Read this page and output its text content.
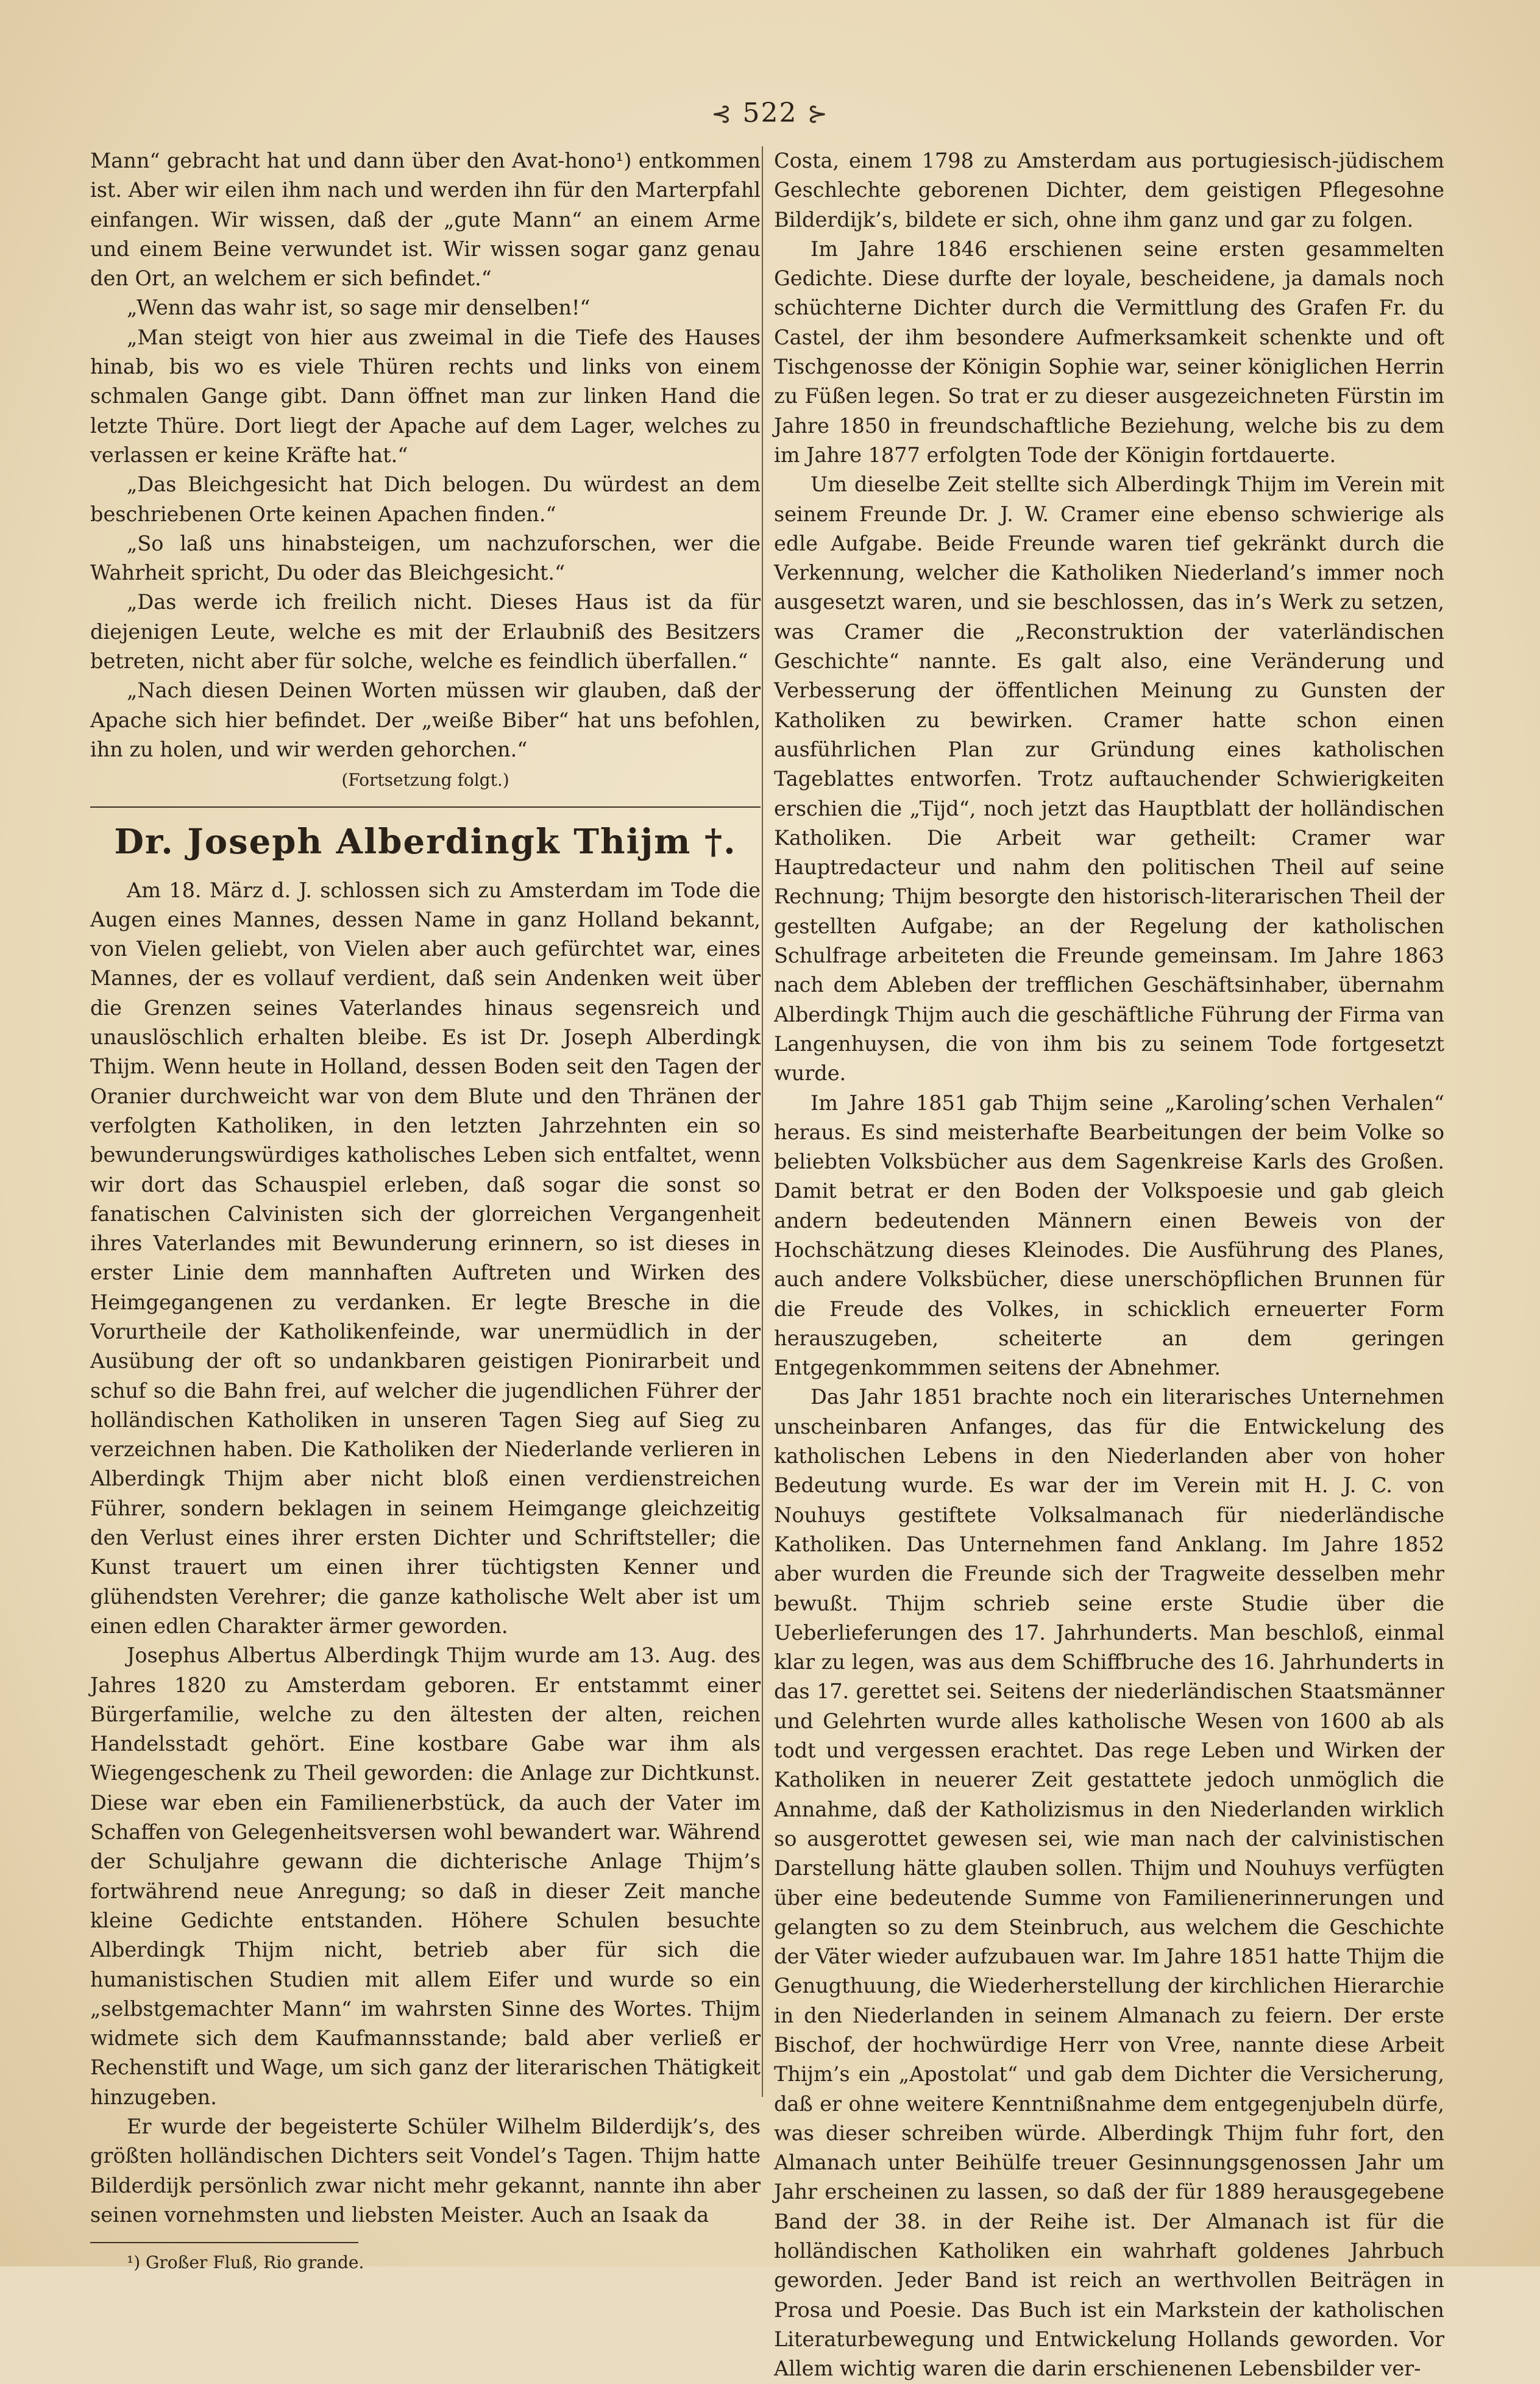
⊰ 522 ⊱

Mann“ gebracht hat und dann über den Avat-hono¹) entkommen ist. Aber wir eilen ihm nach und werden ihn für den Marterpfahl einfangen. Wir wissen, daß der „gute Mann“ an einem Arme und einem Beine verwundet ist. Wir wissen sogar ganz genau den Ort, an welchem er sich befindet.“

„Wenn das wahr ist, so sage mir denselben!“

„Man steigt von hier aus zweimal in die Tiefe des Hauses hinab, bis wo es viele Thüren rechts und links von einem schmalen Gange gibt. Dann öffnet man zur linken Hand die letzte Thüre. Dort liegt der Apache auf dem Lager, welches zu verlassen er keine Kräfte hat.“

„Das Bleichgesicht hat Dich belogen. Du würdest an dem beschriebenen Orte keinen Apachen finden.“

„So laß uns hinabsteigen, um nachzuforschen, wer die Wahrheit spricht, Du oder das Bleichgesicht.“

„Das werde ich freilich nicht. Dieses Haus ist da für diejenigen Leute, welche es mit der Erlaubniß des Besitzers betreten, nicht aber für solche, welche es feindlich überfallen.“

„Nach diesen Deinen Worten müssen wir glauben, daß der Apache sich hier befindet. Der „weiße Biber“ hat uns befohlen, ihn zu holen, und wir werden gehorchen.“

(Fortsetzung folgt.)
Dr. Joseph Alberdingk Thijm †.

Am 18. März d. J. schlossen sich zu Amsterdam im Tode die Augen eines Mannes, dessen Name in ganz Holland bekannt, von Vielen geliebt, von Vielen aber auch gefürchtet war, eines Mannes, der es vollauf verdient, daß sein Andenken weit über die Grenzen seines Vaterlandes hinaus segensreich und unauslöschlich erhalten bleibe. Es ist Dr. Joseph Alberdingk Thijm. Wenn heute in Holland, dessen Boden seit den Tagen der Oranier durchweicht war von dem Blute und den Thränen der verfolgten Katholiken, in den letzten Jahrzehnten ein so bewunderungswürdiges katholisches Leben sich entfaltet, wenn wir dort das Schauspiel erleben, daß sogar die sonst so fanatischen Calvinisten sich der glorreichen Vergangenheit ihres Vaterlandes mit Bewunderung erinnern, so ist dieses in erster Linie dem mannhaften Auftreten und Wirken des Heimgegangenen zu verdanken. Er legte Bresche in die Vorurtheile der Katholikenfeinde, war unermüdlich in der Ausübung der oft so undankbaren geistigen Pionirarbeit und schuf so die Bahn frei, auf welcher die jugendlichen Führer der holländischen Katholiken in unseren Tagen Sieg auf Sieg zu verzeichnen haben. Die Katholiken der Niederlande verlieren in Alberdingk Thijm aber nicht bloß einen verdienstreichen Führer, sondern beklagen in seinem Heimgange gleichzeitig den Verlust eines ihrer ersten Dichter und Schriftsteller; die Kunst trauert um einen ihrer tüchtigsten Kenner und glühendsten Verehrer; die ganze katholische Welt aber ist um einen edlen Charakter ärmer geworden.

Josephus Albertus Alberdingk Thijm wurde am 13. Aug. des Jahres 1820 zu Amsterdam geboren. Er entstammt einer Bürgerfamilie, welche zu den ältesten der alten, reichen Handelsstadt gehört. Eine kostbare Gabe war ihm als Wiegengeschenk zu Theil geworden: die Anlage zur Dichtkunst. Diese war eben ein Familienerbstück, da auch der Vater im Schaffen von Gelegenheitsversen wohl bewandert war. Während der Schuljahre gewann die dichterische Anlage Thijm’s fortwährend neue Anregung; so daß in dieser Zeit manche kleine Gedichte entstanden. Höhere Schulen besuchte Alberdingk Thijm nicht, betrieb aber für sich die humanistischen Studien mit allem Eifer und wurde so ein „selbstgemachter Mann“ im wahrsten Sinne des Wortes. Thijm widmete sich dem Kaufmannsstande; bald aber verließ er Rechenstift und Wage, um sich ganz der literarischen Thätigkeit hinzugeben.

Er wurde der begeisterte Schüler Wilhelm Bilderdijk’s, des größten holländischen Dichters seit Vondel’s Tagen. Thijm hatte Bilderdijk persönlich zwar nicht mehr gekannt, nannte ihn aber seinen vornehmsten und liebsten Meister. Auch an Isaak da

¹) Großer Fluß, Rio grande.

Costa, einem 1798 zu Amsterdam aus portugiesisch-jüdischem Geschlechte geborenen Dichter, dem geistigen Pflegesohne Bilderdijk’s, bildete er sich, ohne ihm ganz und gar zu folgen.

Im Jahre 1846 erschienen seine ersten gesammelten Gedichte. Diese durfte der loyale, bescheidene, ja damals noch schüchterne Dichter durch die Vermittlung des Grafen Fr. du Castel, der ihm besondere Aufmerksamkeit schenkte und oft Tischgenosse der Königin Sophie war, seiner königlichen Herrin zu Füßen legen. So trat er zu dieser ausgezeichneten Fürstin im Jahre 1850 in freundschaftliche Beziehung, welche bis zu dem im Jahre 1877 erfolgten Tode der Königin fortdauerte.

Um dieselbe Zeit stellte sich Alberdingk Thijm im Verein mit seinem Freunde Dr. J. W. Cramer eine ebenso schwierige als edle Aufgabe. Beide Freunde waren tief gekränkt durch die Verkennung, welcher die Katholiken Niederland’s immer noch ausgesetzt waren, und sie beschlossen, das in’s Werk zu setzen, was Cramer die „Reconstruktion der vaterländischen Geschichte“ nannte. Es galt also, eine Veränderung und Verbesserung der öffentlichen Meinung zu Gunsten der Katholiken zu bewirken. Cramer hatte schon einen ausführlichen Plan zur Gründung eines katholischen Tageblattes entworfen. Trotz auftauchender Schwierigkeiten erschien die „Tijd“, noch jetzt das Hauptblatt der holländischen Katholiken. Die Arbeit war getheilt: Cramer war Hauptredacteur und nahm den politischen Theil auf seine Rechnung; Thijm besorgte den historisch-literarischen Theil der gestellten Aufgabe; an der Regelung der katholischen Schulfrage arbeiteten die Freunde gemeinsam. Im Jahre 1863 nach dem Ableben der trefflichen Geschäftsinhaber, übernahm Alberdingk Thijm auch die geschäftliche Führung der Firma van Langenhuysen, die von ihm bis zu seinem Tode fortgesetzt wurde.

Im Jahre 1851 gab Thijm seine „Karoling’schen Verhalen“ heraus. Es sind meisterhafte Bearbeitungen der beim Volke so beliebten Volksbücher aus dem Sagenkreise Karls des Großen. Damit betrat er den Boden der Volkspoesie und gab gleich andern bedeutenden Männern einen Beweis von der Hochschätzung dieses Kleinodes. Die Ausführung des Planes, auch andere Volksbücher, diese unerschöpflichen Brunnen für die Freude des Volkes, in schicklich erneuerter Form herauszugeben, scheiterte an dem geringen Entgegenkommmen seitens der Abnehmer.

Das Jahr 1851 brachte noch ein literarisches Unternehmen unscheinbaren Anfanges, das für die Entwickelung des katholischen Lebens in den Niederlanden aber von hoher Bedeutung wurde. Es war der im Verein mit H. J. C. von Nouhuys gestiftete Volksalmanach für niederländische Katholiken. Das Unternehmen fand Anklang. Im Jahre 1852 aber wurden die Freunde sich der Tragweite desselben mehr bewußt. Thijm schrieb seine erste Studie über die Ueberlieferungen des 17. Jahrhunderts. Man beschloß, einmal klar zu legen, was aus dem Schiffbruche des 16. Jahrhunderts in das 17. gerettet sei. Seitens der niederländischen Staatsmänner und Gelehrten wurde alles katholische Wesen von 1600 ab als todt und vergessen erachtet. Das rege Leben und Wirken der Katholiken in neuerer Zeit gestattete jedoch unmöglich die Annahme, daß der Katholizismus in den Niederlanden wirklich so ausgerottet gewesen sei, wie man nach der calvinistischen Darstellung hätte glauben sollen. Thijm und Nouhuys verfügten über eine bedeutende Summe von Familienerinnerungen und gelangten so zu dem Steinbruch, aus welchem die Geschichte der Väter wieder aufzubauen war. Im Jahre 1851 hatte Thijm die Genugthuung, die Wiederherstellung der kirchlichen Hierarchie in den Niederlanden in seinem Almanach zu feiern. Der erste Bischof, der hochwürdige Herr von Vree, nannte diese Arbeit Thijm’s ein „Apostolat“ und gab dem Dichter die Versicherung, daß er ohne weitere Kenntnißnahme dem entgegenjubeln dürfe, was dieser schreiben würde. Alberdingk Thijm fuhr fort, den Almanach unter Beihülfe treuer Gesinnungsgenossen Jahr um Jahr erscheinen zu lassen, so daß der für 1889 herausgegebene Band der 38. in der Reihe ist. Der Almanach ist für die holländischen Katholiken ein wahrhaft goldenes Jahrbuch geworden. Jeder Band ist reich an werthvollen Beiträgen in Prosa und Poesie. Das Buch ist ein Markstein der katholischen Literaturbewegung und Entwickelung Hollands geworden. Vor Allem wichtig waren die darin erschienenen Lebensbilder ver-
